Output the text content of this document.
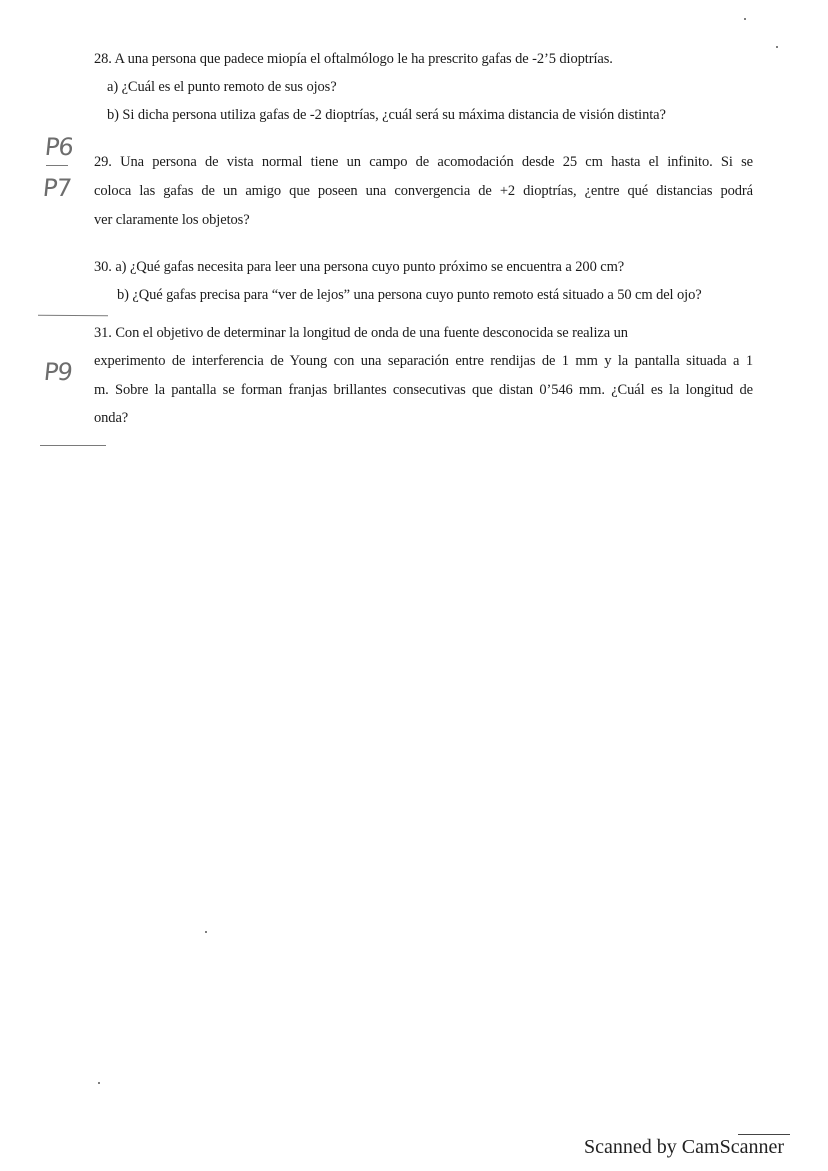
28. A una persona que padece miopía el oftalmólogo le ha prescrito gafas de -2’5 dioptrías.
a) ¿Cuál es el punto remoto de sus ojos?
b) Si dicha persona utiliza gafas de -2 dioptrías, ¿cuál será su máxima distancia de visión distinta?
29. Una persona de vista normal tiene un campo de acomodación desde 25 cm hasta el infinito. Si se
coloca las gafas de un amigo que poseen una convergencia de +2 dioptrías, ¿entre qué distancias podrá
ver claramente los objetos?
30. a) ¿Qué gafas necesita para leer una persona cuyo punto próximo se encuentra a 200 cm?
b) ¿Qué gafas precisa para “ver de lejos” una persona cuyo punto remoto está situado a 50 cm del ojo?
31. Con el objetivo de determinar la longitud de onda de una fuente desconocida se realiza un
experimento de interferencia de Young con una separación entre rendijas de 1 mm y la pantalla situada a 1
m. Sobre la pantalla se forman franjas brillantes consecutivas que distan 0’546 mm. ¿Cuál es la longitud de
onda?
P6
P7
P9
Scanned by CamScanner
